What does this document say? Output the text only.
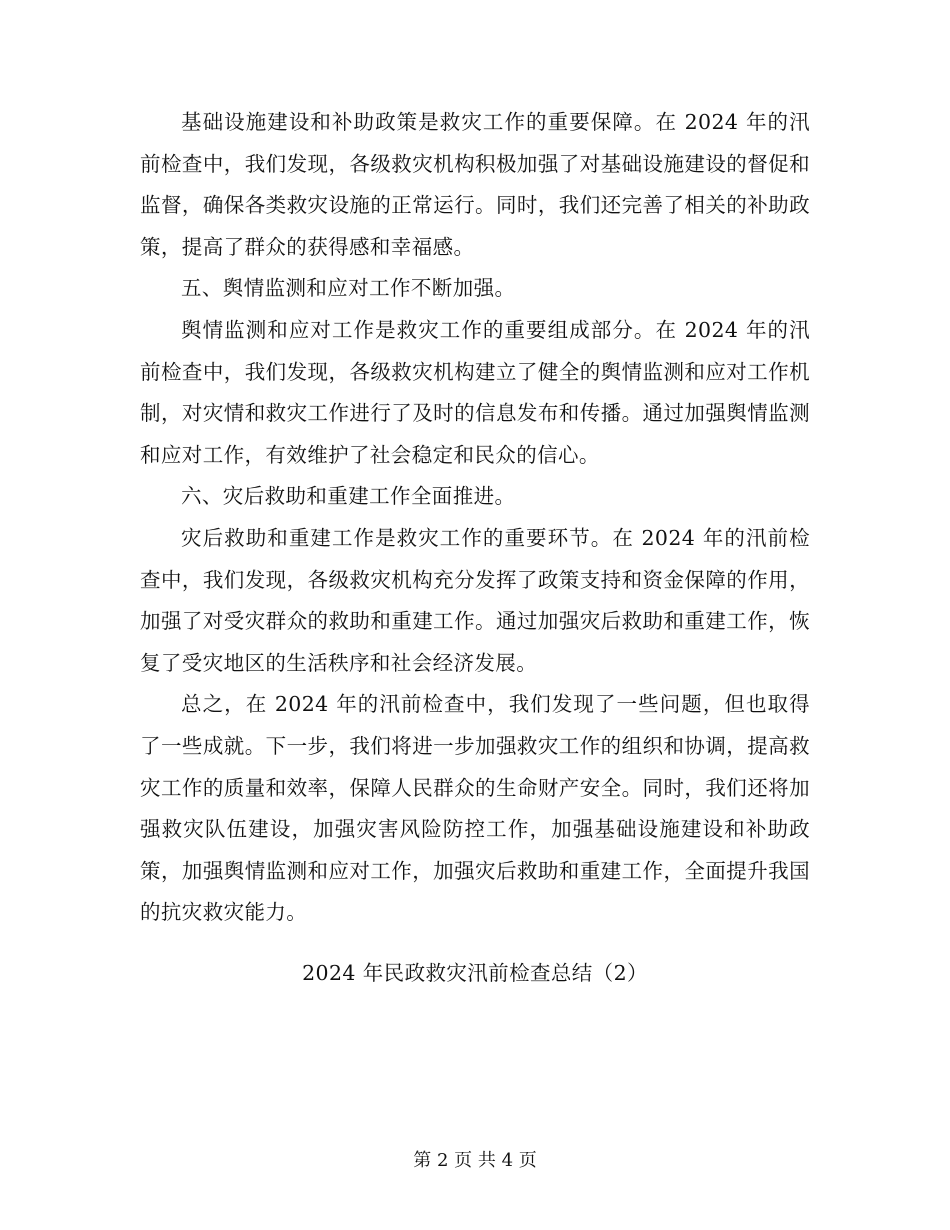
基础设施建设和补助政策是救灾工作的重要保障。在 2024 年的汛前检查中，我们发现，各级救灾机构积极加强了对基础设施建设的督促和监督，确保各类救灾设施的正常运行。同时，我们还完善了相关的补助政策，提高了群众的获得感和幸福感。

五、舆情监测和应对工作不断加强。

舆情监测和应对工作是救灾工作的重要组成部分。在 2024 年的汛前检查中，我们发现，各级救灾机构建立了健全的舆情监测和应对工作机制，对灾情和救灾工作进行了及时的信息发布和传播。通过加强舆情监测和应对工作，有效维护了社会稳定和民众的信心。

六、灾后救助和重建工作全面推进。

灾后救助和重建工作是救灾工作的重要环节。在 2024 年的汛前检查中，我们发现，各级救灾机构充分发挥了政策支持和资金保障的作用，加强了对受灾群众的救助和重建工作。通过加强灾后救助和重建工作，恢复了受灾地区的生活秩序和社会经济发展。

总之，在 2024 年的汛前检查中，我们发现了一些问题，但也取得了一些成就。下一步，我们将进一步加强救灾工作的组织和协调，提高救灾工作的质量和效率，保障人民群众的生命财产安全。同时，我们还将加强救灾队伍建设，加强灾害风险防控工作，加强基础设施建设和补助政策，加强舆情监测和应对工作，加强灾后救助和重建工作，全面提升我国的抗灾救灾能力。

2024 年民政救灾汛前检查总结（2）
第 2 页 共 4 页
